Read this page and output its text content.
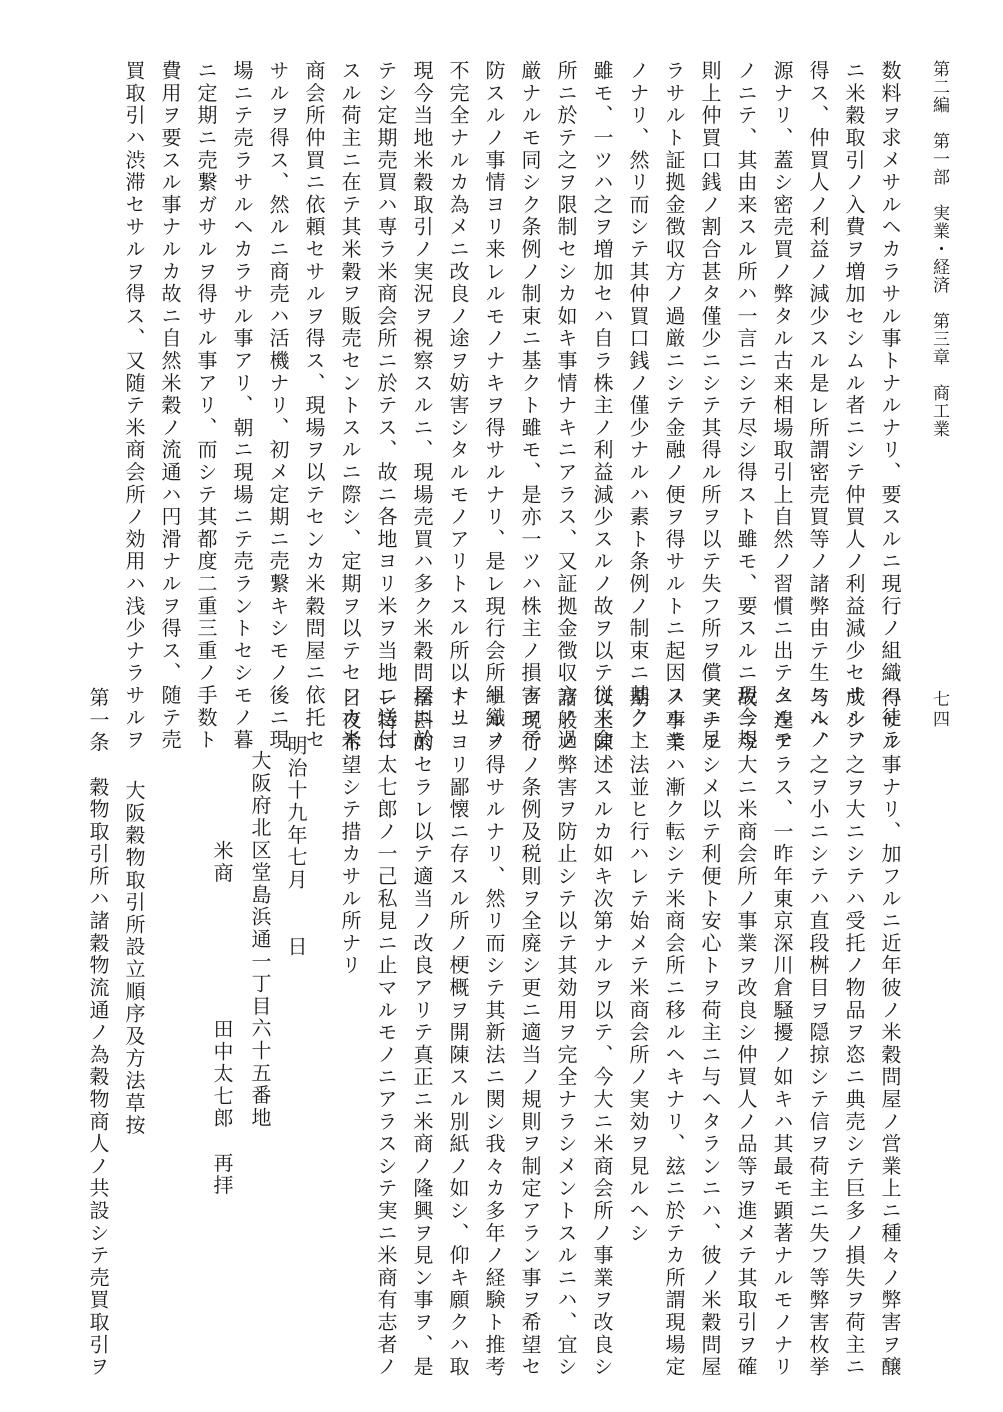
第二編　第一部　実業・経済　第三章　商工業
七四
数料ヲ求メサルヘカラサル事トナルナリ、要スルニ現行ノ組織ハ徒ラ
ニ米穀取引ノ入費ヲ増加セシムル者ニシテ仲買人ノ利益減少セサルヲ
得ス、仲買人ノ利益ノ減少スル是レ所謂密売買等ノ諸弊由テ生スルノ
源ナリ、蓋シ密売買ノ弊タル古来相場取引上自然ノ習慣ニ出テタルモ
ノニテ、其由来スル所ハ一言ニシテ尽シ得スト雖モ、要スルニ現今規
則上仲買口銭ノ割合甚タ僅少ニシテ其得ル所ヲ以テ失フ所ヲ償フニ足
ラサルト証拠金徴収方ノ過厳ニシテ金融ノ便ヲ得サルトニ起因スルモ
ノナリ、然リ而シテ其仲買口銭ノ僅少ナルハ素ト条例ノ制束ニ基クト
雖モ、一ツハ之ヲ増加セハ自ラ株主ノ利益減少スルノ故ヲ以テ従来会
所ニ於テ之ヲ限制セシカ如キ事情ナキニアラス、又証拠金徴収方ノ過
厳ナルモ同シク条例ノ制束ニ基クト雖モ、是亦一ツハ株主ノ損害ヲ予
防スルノ事情ヨリ来レルモノナキヲ得サルナリ、是レ現行会所組織ノ
不完全ナルカ為メニ改良ノ途ヲ妨害シタルモノアリトスル所以ナリ
現今当地米穀取引ノ実況ヲ視察スルニ、現場売買ハ多ク米穀問屋ニ於
テシ定期売買ハ専ラ米商会所ニ於テス、故ニ各地ヨリ米ヲ当地ニ送付
スル荷主ニ在テ其米穀ヲ販売セントスルニ際シ、定期ヲ以テセンカ米
商会所仲買ニ依頼セサルヲ得ス、現場ヲ以テセンカ米穀問屋ニ依托セ
サルヲ得ス、然ルニ商売ハ活機ナリ、初メ定期ニ売繋キシモノ後ニ現
場ニテ売ラサルヘカラサル事アリ、朝ニ現場ニテ売ラントセシモノ暮
ニ定期ニ売繋ガサルヲ得サル事アリ、而シテ其都度二重三重ノ手数ト
費用ヲ要スル事ナルカ故ニ自然米穀ノ流通ハ円滑ナルヲ得ス、随テ売
買取引ハ渋滞セサルヲ得ス、又随テ米商会所ノ効用ハ浅少ナラサルヲ
得サル事ナリ、加フルニ近年彼ノ米穀問屋ノ営業上ニ種々ノ弊害ヲ醸
成シ、之ヲ大ニシテハ受托ノ物品ヲ恣ニ典売シテ巨多ノ損失ヲ荷主ニ
与ヘ、之ヲ小ニシテハ直段桝目ヲ隠掠シテ信ヲ荷主ニ失フ等弊害枚挙
ニ遑アラス、一昨年東京深川倉騒擾ノ如キハ其最モ顕著ナルモノナリ
故ニ今大ニ米商会所ノ事業ヲ改良シ仲買人ノ品等ヲ進メテ其取引ヲ確
実ナラシメ以テ利便ト安心トヲ荷主ニ与ヘタランニハ、彼ノ米穀問屋
ノ事業ハ漸ク転シテ米商会所ニ移ルヘキナリ、玆ニ於テカ所謂現場定
期ノ二法並ヒ行ハレテ始メテ米商会所ノ実効ヲ見ルヘシ
以上陳述スルカ如キ次第ナルヲ以テ、今大ニ米商会所ノ事業ヲ改良シ
諸般ノ弊害ヲ防止シテ以テ其効用ヲ完全ナラシメントスルニハ、宜シ
ク現行ノ条例及税則ヲ全廃シ更ニ適当ノ規則ヲ制定アラン事ヲ希望セ
サルヲ得サルナリ、然リ而シテ其新法ニ関シ我々カ多年ノ経験ト推考
トニヨリ鄙懐ニ存スル所ノ梗概ヲ開陳スル別紙ノ如シ、仰キ願クハ取
捨斟酌セラレ以テ適当ノ改良アリテ真正ニ米商ノ隆興ヲ見ン事ヲ、是
レ特ニ太七郎ノ一己私見ニ止マルモノニアラスシテ実ニ米商有志者ノ
日夜希望シテ措カサル所ナリ
明治十九年七月　　日
大阪府北区堂島浜通一丁目六十五番地
米商　　　　　　田中太七郎　再拝
大阪穀物取引所設立順序及方法草按
第一条　穀物取引所ハ諸穀物流通ノ為穀物商人ノ共設シテ売買取引ヲ
